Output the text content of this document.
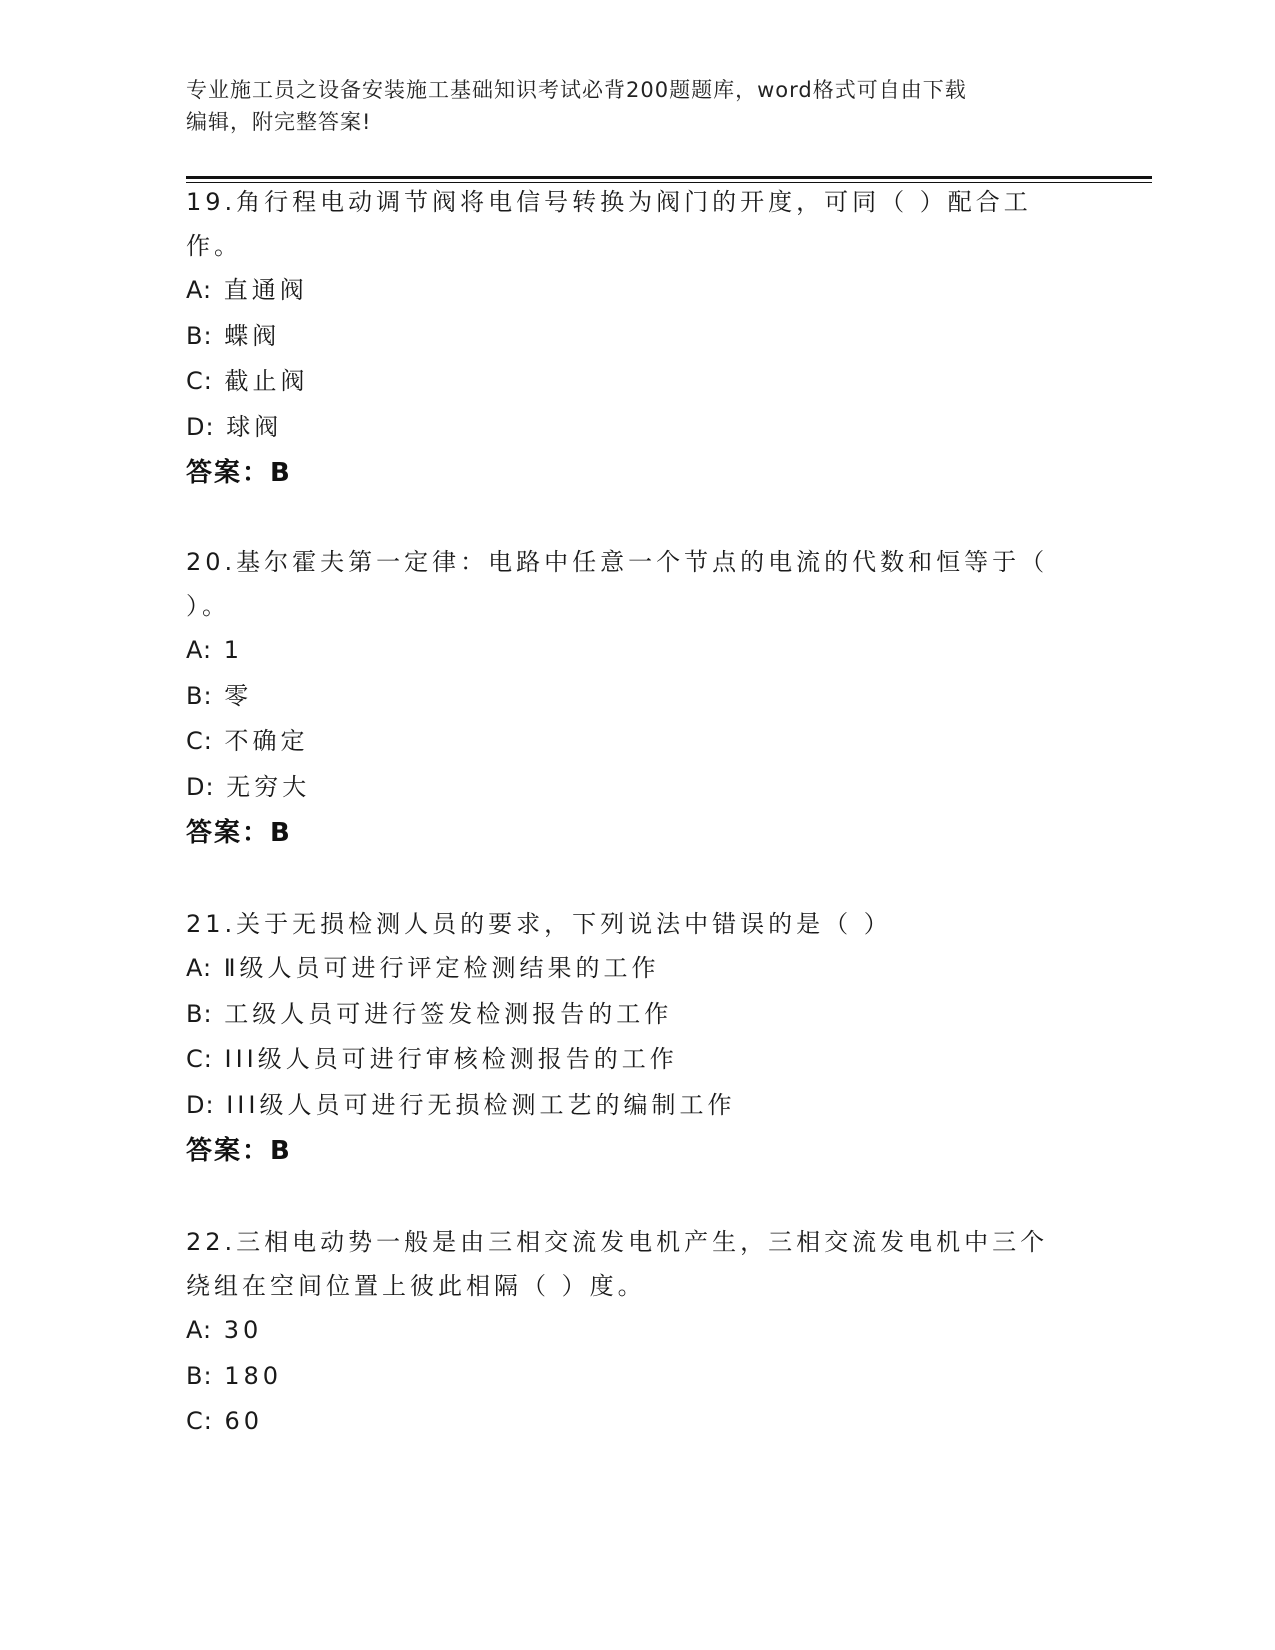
专业施工员之设备安装施工基础知识考试必背200题题库，word格式可自由下载
编辑，附完整答案!
19.角行程电动调节阀将电信号转换为阀门的开度，可同（ ）配合工
作。
A: 直通阀
B: 蝶阀
C: 截止阀
D: 球阀
答案：B
20.基尔霍夫第一定律：电路中任意一个节点的电流的代数和恒等于（
）。
A: 1
B: 零
C: 不确定
D: 无穷大
答案：B
21.关于无损检测人员的要求，下列说法中错误的是（ ）
A: Ⅱ级人员可进行评定检测结果的工作
B: 工级人员可进行签发检测报告的工作
C: III级人员可进行审核检测报告的工作
D: III级人员可进行无损检测工艺的编制工作
答案：B
22.三相电动势一般是由三相交流发电机产生，三相交流发电机中三个
绕组在空间位置上彼此相隔（ ）度。
A: 30
B: 180
C: 60
